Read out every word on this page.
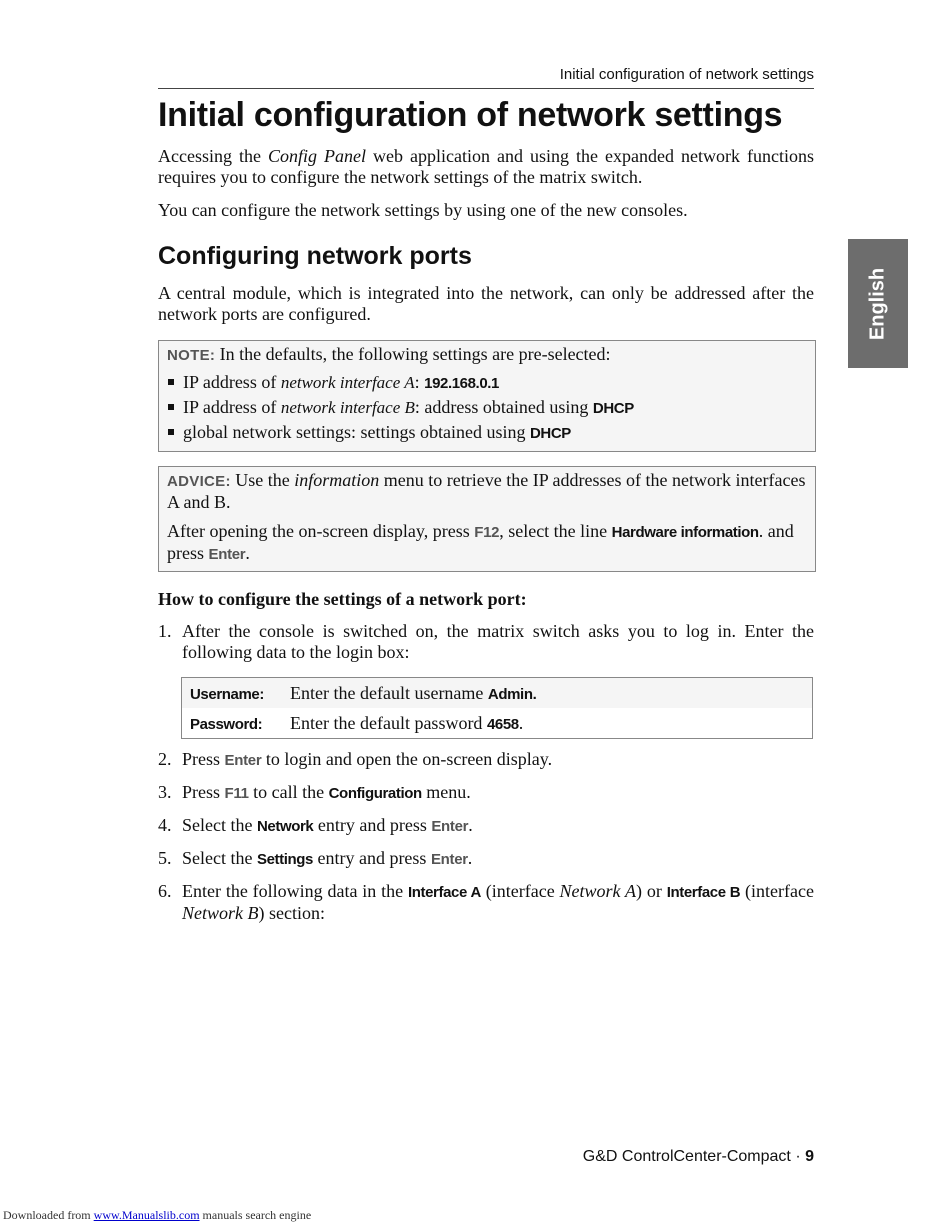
Initial configuration of network settings
Initial configuration of network settings
Accessing the Config Panel web application and using the expanded network functions requires you to configure the network settings of the matrix switch.
You can configure the network settings by using one of the new consoles.
Configuring network ports
A central module, which is integrated into the network, can only be addressed after the network ports are configured.
NOTE: In the defaults, the following settings are pre-selected:
IP address of network interface A: 192.168.0.1
IP address of network interface B: address obtained using DHCP
global network settings: settings obtained using DHCP

ADVICE: Use the information menu to retrieve the IP addresses of the network interfaces A and B.

After opening the on-screen display, press F12, select the line Hardware information. and press Enter.

How to configure the settings of a network port:
1. After the console is switched on, the matrix switch asks you to log in. Enter the following data to the login box:
Username:	Enter the default username Admin.
Password:	Enter the default password 4658.
2. Press Enter to login and open the on-screen display.
3. Press F11 to call the Configuration menu.
4. Select the Network entry and press Enter.
5. Select the Settings entry and press Enter.
6. Enter the following data in the Interface A (interface Network A) or Interface B (interface Network B) section:
English
G&D ControlCenter-Compact · 9
Downloaded from www.Manualslib.com manuals search engine
